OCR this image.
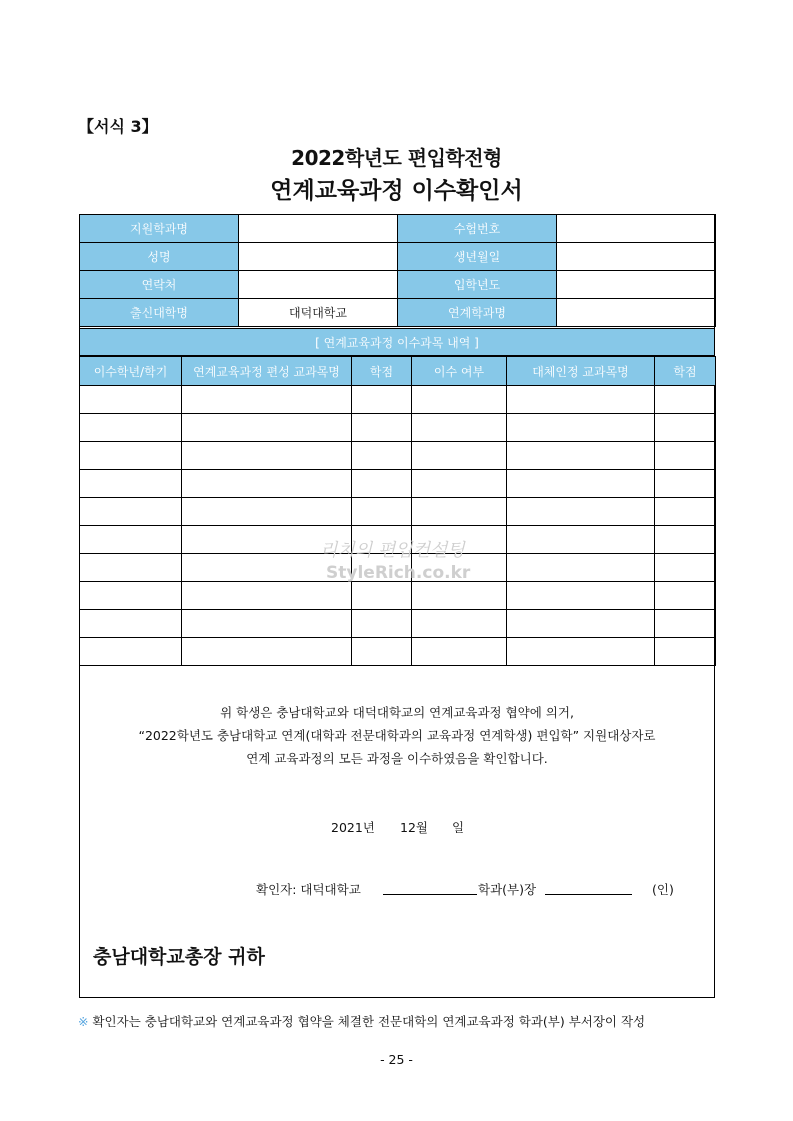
【서식 3】
2022학년도 편입학전형
연계교육과정 이수확인서
지원학과명		수험번호	
성명		생년월일	
연락처		입학년도	
출신대학명	대덕대학교	연계학과명	
[ 연계교육과정 이수과목 내역 ]
이수학년/학기	연계교육과정 편성 교과목명	학점	이수 여부	대체인정 교과목명	학점

리치의 편입컨설팅
StyleRich.co.kr
위 학생은 충남대학교와 대덕대학교의 연계교육과정 협약에 의거,
“2022학년도 충남대학교 연계(대학과 전문대학과의 교육과정 연계학생) 편입학” 지원대상자로
연계 교육과정의 모든 과정을 이수하였음을 확인합니다.
2021년 12월 일
확인자: 대덕대학교	학과(부)장	(인)
충남대학교총장 귀하
※ 확인자는 충남대학교와 연계교육과정 협약을 체결한 전문대학의 연계교육과정 학과(부) 부서장이 작성
- 25 -
